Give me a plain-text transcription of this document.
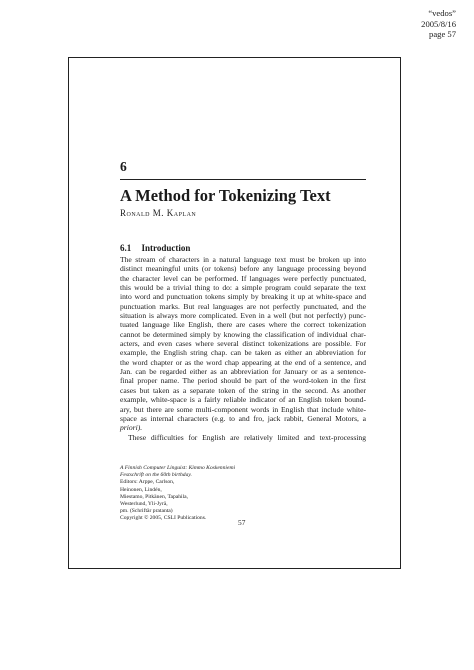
“vedos”
2005/8/16
page 57
6
A Method for Tokenizing Text
Ronald M. Kaplan
6.1 Introduction
The stream of characters in a natural language text must be broken up into
distinct meaningful units (or tokens) before any language processing beyond
the character level can be performed. If languages were perfectly punctuated,
this would be a trivial thing to do: a simple program could separate the text
into word and punctuation tokens simply by breaking it up at white-space and
punctuation marks. But real languages are not perfectly punctuated, and the
situation is always more complicated. Even in a well (but not perfectly) punc-
tuated language like English, there are cases where the correct tokenization
cannot be determined simply by knowing the classification of individual char-
acters, and even cases where several distinct tokenizations are possible. For
example, the English string chap. can be taken as either an abbreviation for
the word chapter or as the word chap appearing at the end of a sentence, and
Jan. can be regarded either as an abbreviation for January or as a sentence-
final proper name. The period should be part of the word-token in the first
cases but taken as a separate token of the string in the second. As another
example, white-space is a fairly reliable indicator of an English token bound-
ary, but there are some multi-component words in English that include white-
space as internal characters (e.g. to and fro, jack rabbit, General Motors, a
priori).
These difficulties for English are relatively limited and text-processing
A Finnish Computer Linguist: Kimmo Koskenniemi
Festschrift on the 60th birthday.
Editors: Arppe, Carlson,
Heinonen, Lindén,
Miestamo, Pitkänen, Tapahila,
Westerlund, Yli-Jyrä,
pm. (Schriftär pratanta)
Copyright © 2005, CSLI Publications.	57
